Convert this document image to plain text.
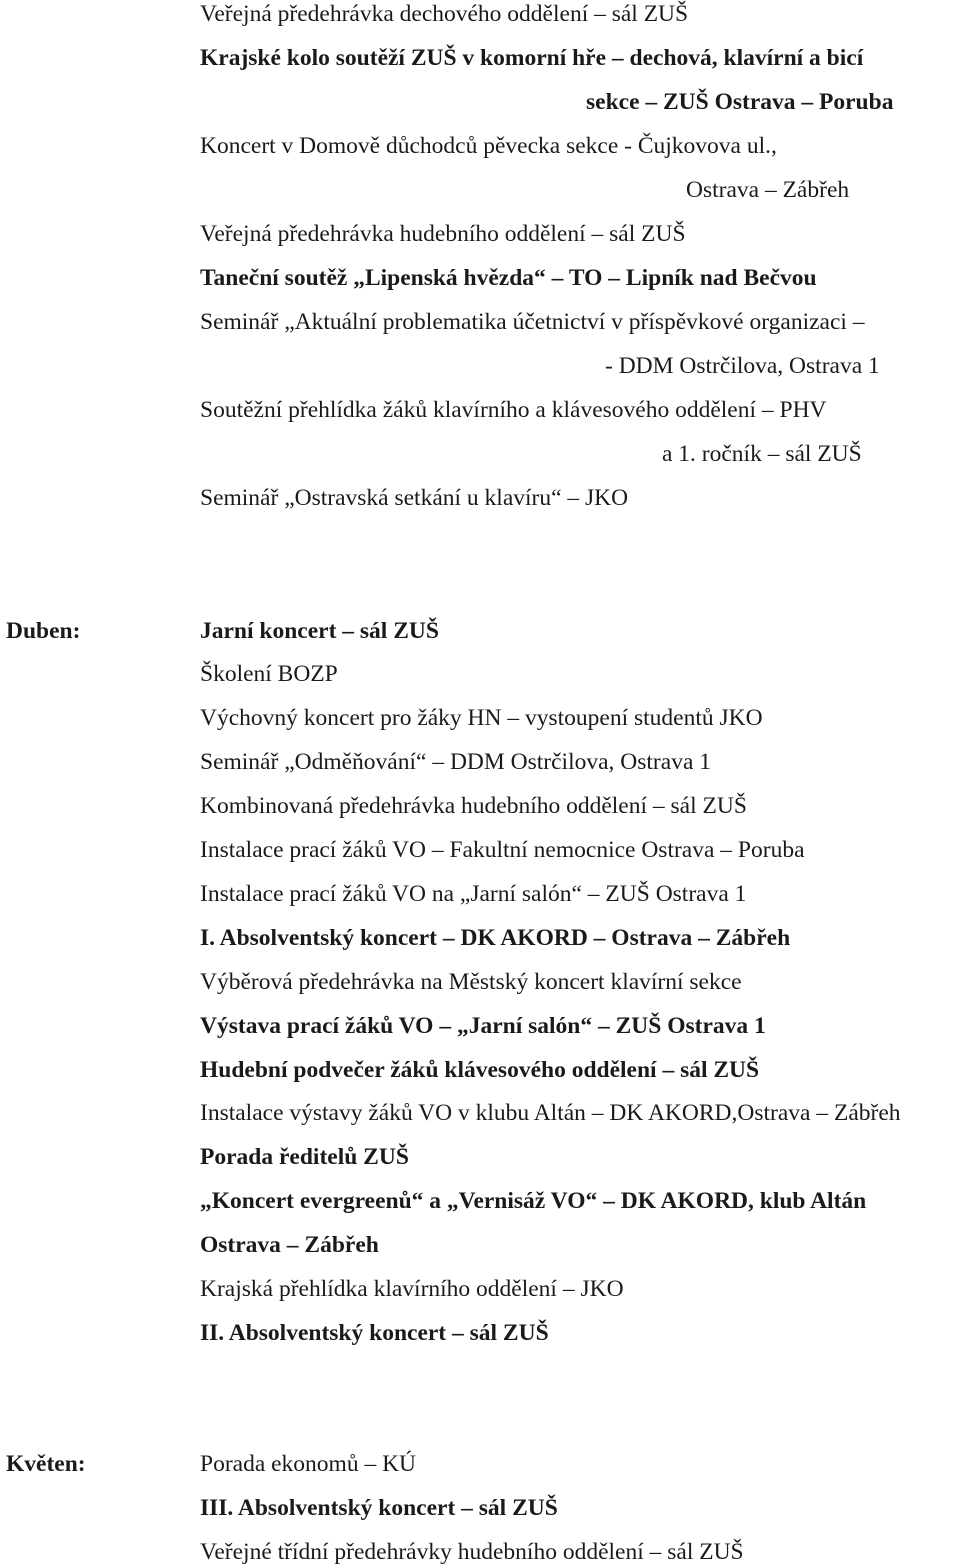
Veřejná předehrávka dechového oddělení – sál ZUŠ
Krajské kolo soutěží ZUŠ v komorní hře – dechová, klavírní a bicí
sekce – ZUŠ Ostrava – Poruba
Koncert v Domově důchodců pěvecka sekce - Čujkovova ul.,
Ostrava – Zábřeh
Veřejná předehrávka hudebního oddělení – sál ZUŠ
Taneční soutěž „Lipenská hvězda“ – TO – Lipník nad Bečvou
Seminář „Aktuální problematika účetnictví v příspěvkové organizaci –
- DDM Ostrčilova, Ostrava 1
Soutěžní přehlídka žáků klavírního a klávesového oddělení – PHV
a 1. ročník – sál ZUŠ
Seminář „Ostravská setkání u klavíru“ – JKO
Duben:	Jarní koncert – sál ZUŠ
Školení BOZP
Výchovný koncert pro žáky HN – vystoupení studentů JKO
Seminář „Odměňování“ – DDM Ostrčilova, Ostrava 1
Kombinovaná předehrávka hudebního oddělení – sál ZUŠ
Instalace prací žáků VO – Fakultní nemocnice Ostrava – Poruba
Instalace prací žáků VO na „Jarní salón“ – ZUŠ Ostrava 1
I. Absolventský koncert – DK AKORD – Ostrava – Zábřeh
Výběrová předehrávka na Městský koncert klavírní sekce
Výstava prací žáků VO – „Jarní salón“ – ZUŠ Ostrava 1
Hudební podvečer žáků klávesového oddělení – sál ZUŠ
Instalace výstavy žáků VO v klubu Altán – DK AKORD,Ostrava – Zábřeh
Porada ředitelů ZUŠ
„Koncert evergreenů“ a „Vernisáž VO“ – DK AKORD, klub Altán
Ostrava – Zábřeh
Krajská přehlídka klavírního oddělení – JKO
II. Absolventský koncert – sál ZUŠ
Květen:	Porada ekonomů – KÚ
III. Absolventský koncert – sál ZUŠ
Veřejné třídní předehrávky hudebního oddělení – sál ZUŠ
